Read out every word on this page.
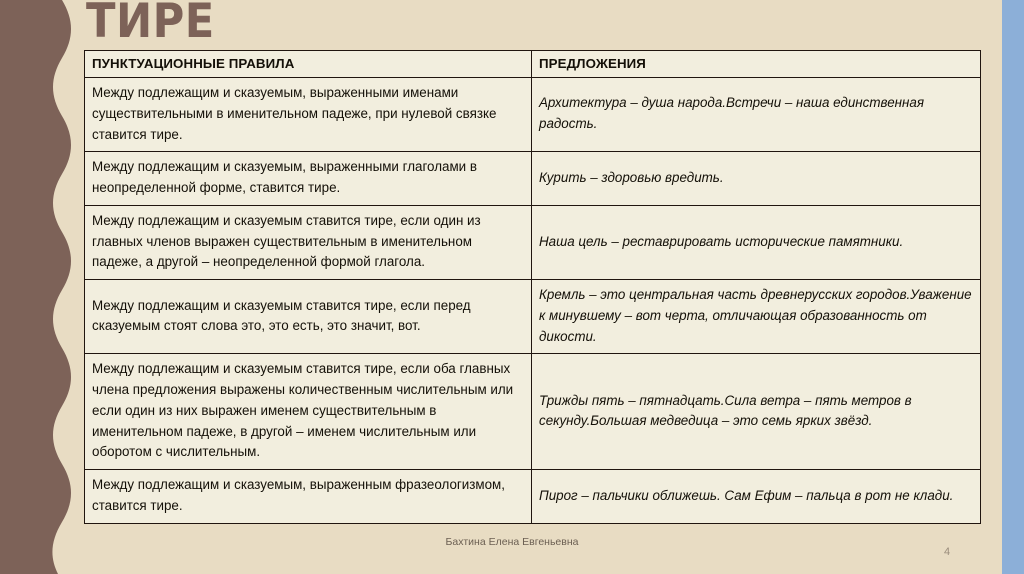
ТИРЕ
ПУНКТУАЦИОННЫЕ ПРАВИЛА	ПРЕДЛОЖЕНИЯ
Между подлежащим и сказуемым, выраженными именами существительными в именительном падеже, при нулевой связке ставится тире.	Архитектура – душа народа.Встречи – наша единственная радость.
Между подлежащим и сказуемым, выраженными глаголами в неопределенной форме, ставится тире.	Курить – здоровью вредить.
Между подлежащим и сказуемым ставится тире, если один из главных членов выражен существительным в именительном падеже, а другой – неопределенной формой глагола.	Наша цель – реставрировать исторические памятники.
Между подлежащим и сказуемым ставится тире, если перед сказуемым стоят слова это, это есть, это значит, вот.	Кремль – это центральная часть древнерусских городов.Уважение к минувшему – вот черта, отличающая образованность от дикости.
Между подлежащим и сказуемым ставится тире, если оба главных члена предложения выражены количественным числительным или если один из них выражен именем существительным в именительном падеже, в другой – именем числительным или оборотом с числительным.	Трижды пять – пятнадцать.Сила ветра – пять метров в секунду.Большая медведица – это семь ярких звёзд.
Между подлежащим и сказуемым, выраженным фразеологизмом, ставится тире.	Пирог – пальчики оближешь. Сам Ефим – пальца в рот не клади.
Бахтина Елена Евгеньевна
4
